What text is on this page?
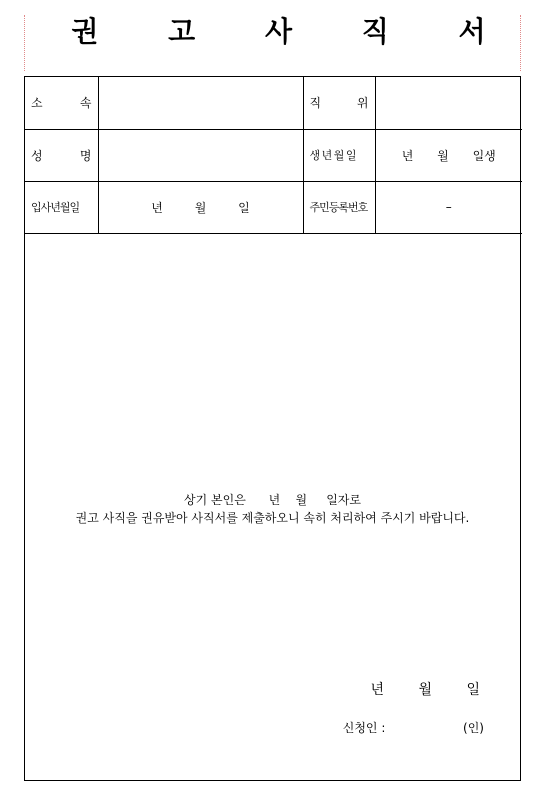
권 고 사 직 서
소 속		직 위	

성 명		생 년 월 일	년 월 일생
입사년월일	년 월 일	주민등록번호	–
상기 본인은      년    월     일자로
권고 사직을 권유받아 사직서를 제출하오니 속히 처리하여 주시기 바랍니다.
년 월 일
신청인 :	(인)
